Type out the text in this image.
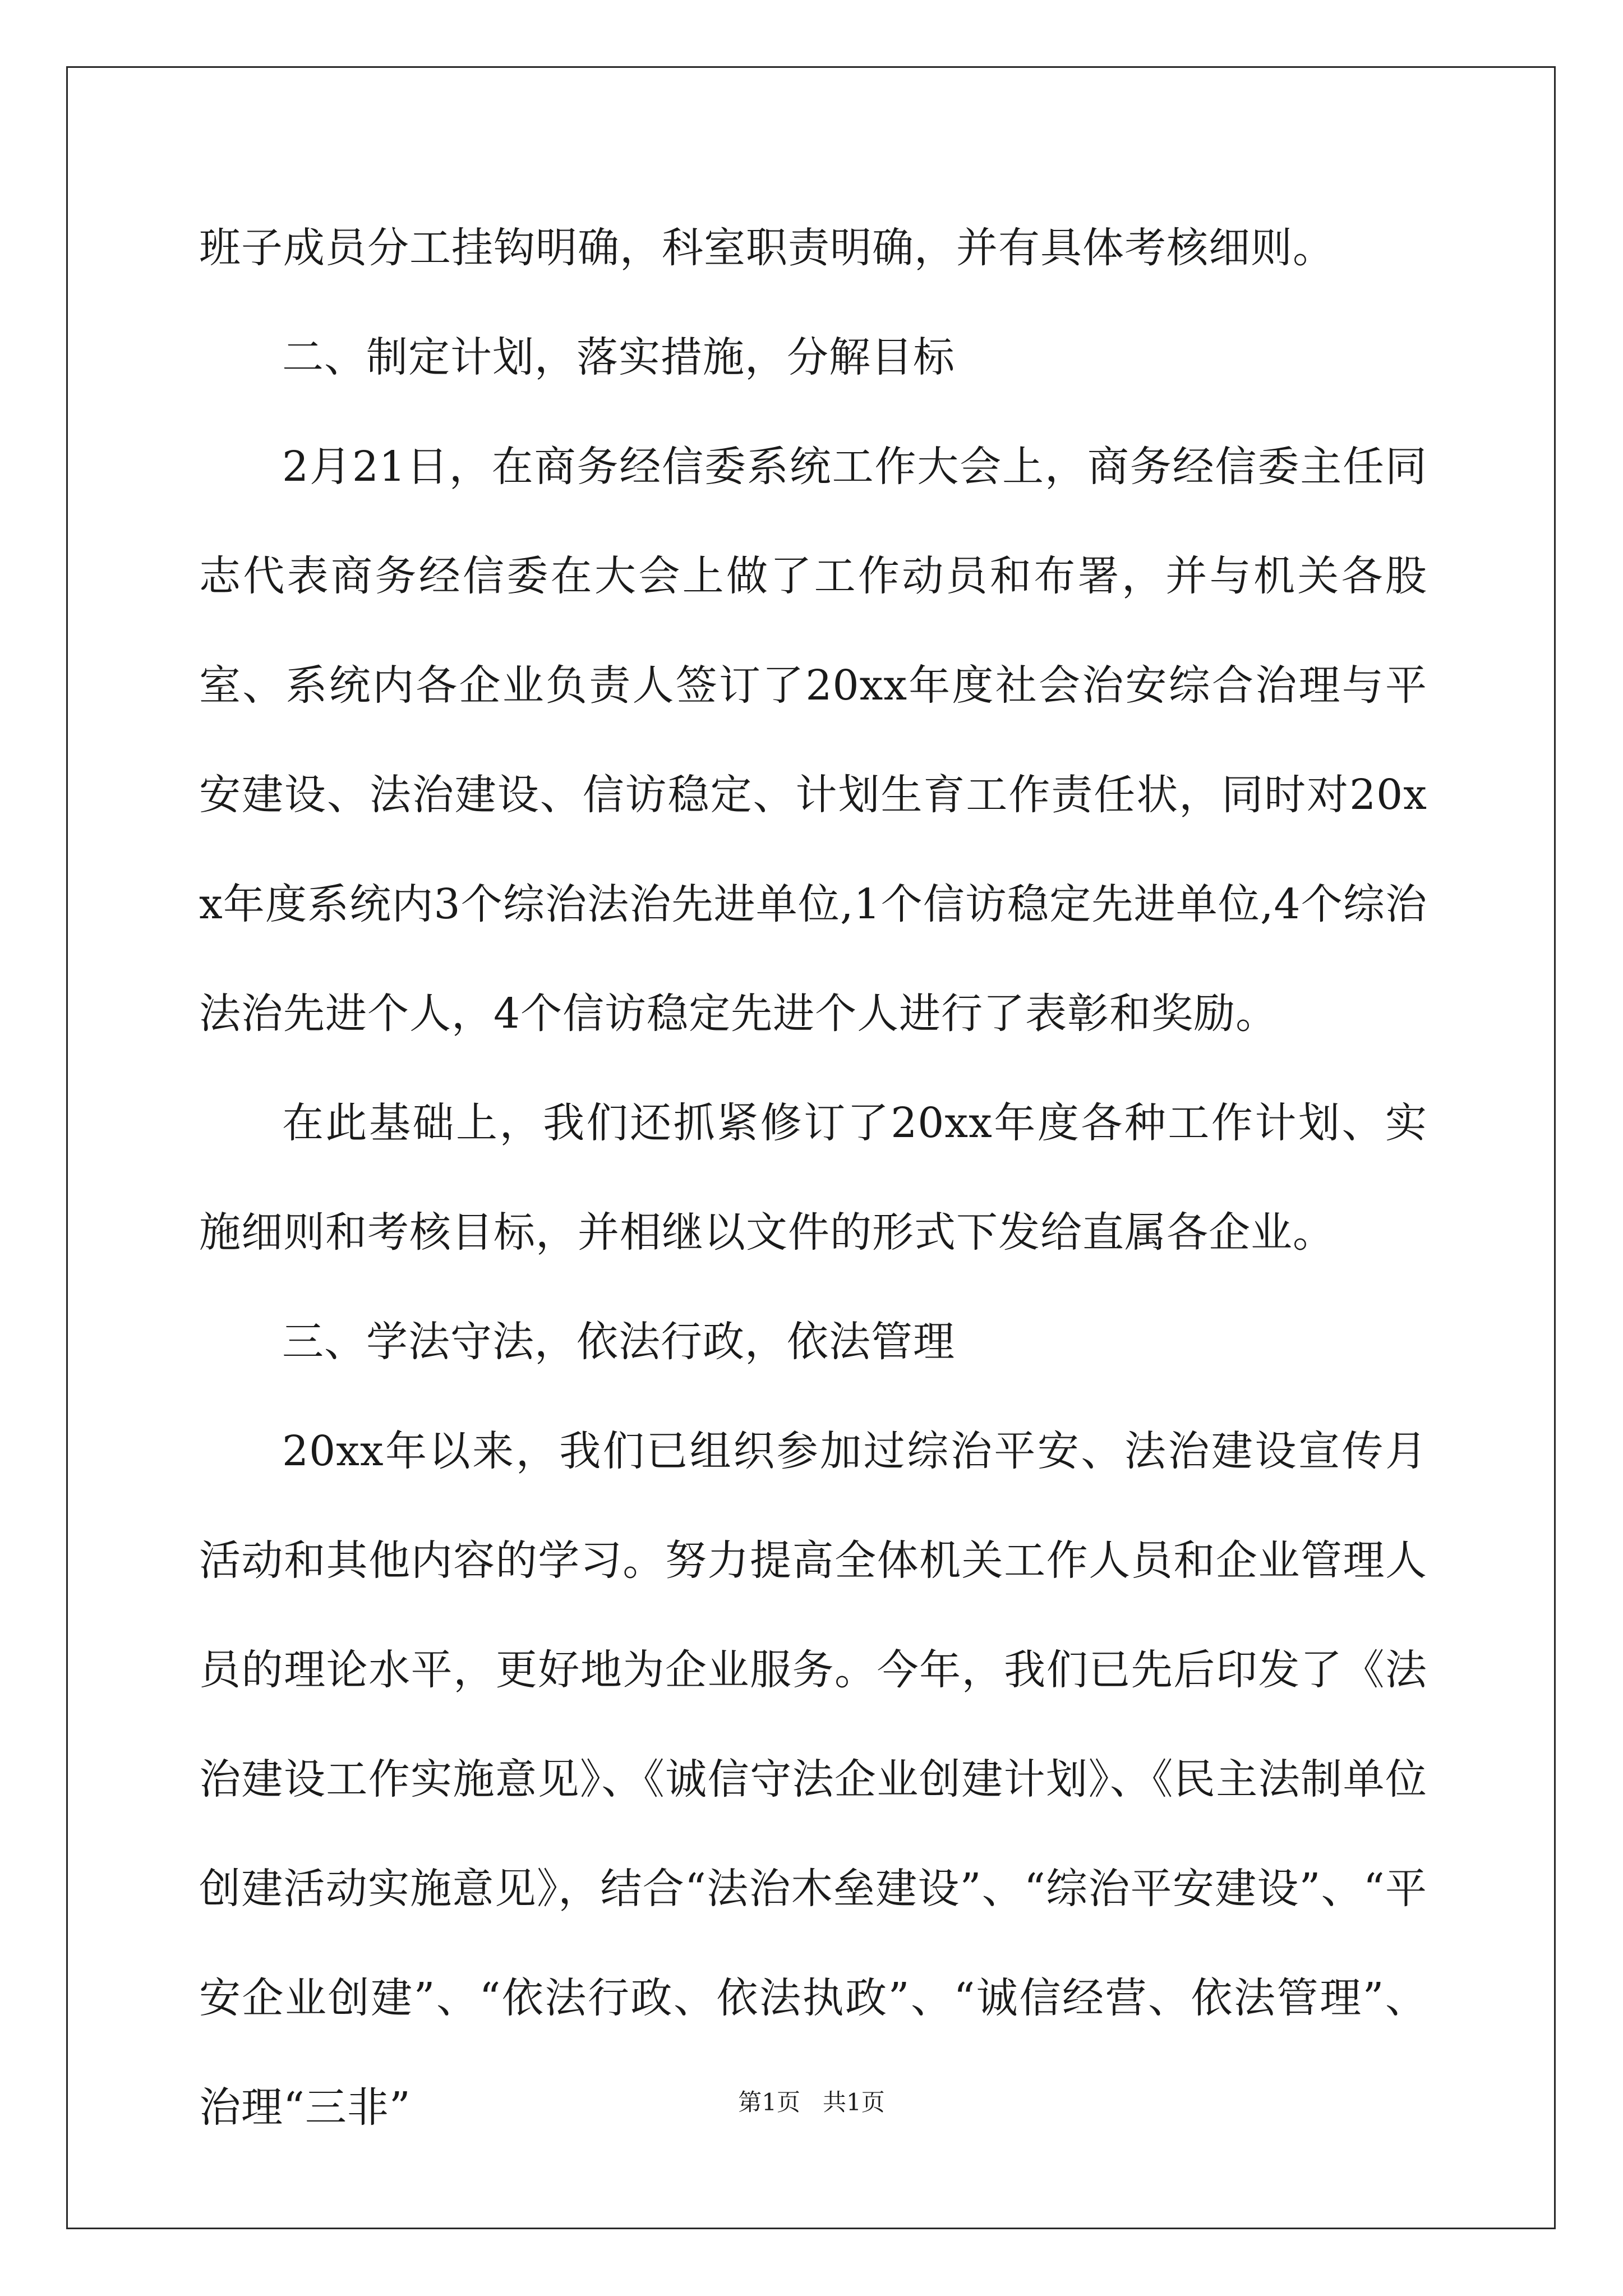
班子成员分工挂钩明确，科室职责明确，并有具体考核细则。

二、制定计划，落实措施，分解目标

2月21日，在商务经信委系统工作大会上，商务经信委主任同志代表商务经信委在大会上做了工作动员和布署，并与机关各股室、系统内各企业负责人签订了20xx年度社会治安综合治理与平安建设、法治建设、信访稳定、计划生育工作责任状，同时对20xx年度系统内3个综治法治先进单位,1个信访稳定先进单位,4个综治法治先进个人，4个信访稳定先进个人进行了表彰和奖励。

在此基础上，我们还抓紧修订了20xx年度各种工作计划、实施细则和考核目标，并相继以文件的形式下发给直属各企业。

三、学法守法，依法行政，依法管理

20xx年以来，我们已组织参加过综治平安、法治建设宣传月活动和其他内容的学习。努力提高全体机关工作人员和企业管理人员的理论水平，更好地为企业服务。今年，我们已先后印发了《法治建设工作实施意见》、《诚信守法企业创建计划》、《民主法制单位创建活动实施意见》，结合“法治木垒建设”、“综治平安建设”、“平安企业创建”、“依法行政、依法执政”、“诚信经营、依法管理”、治理“三非”	第1页 共1页
